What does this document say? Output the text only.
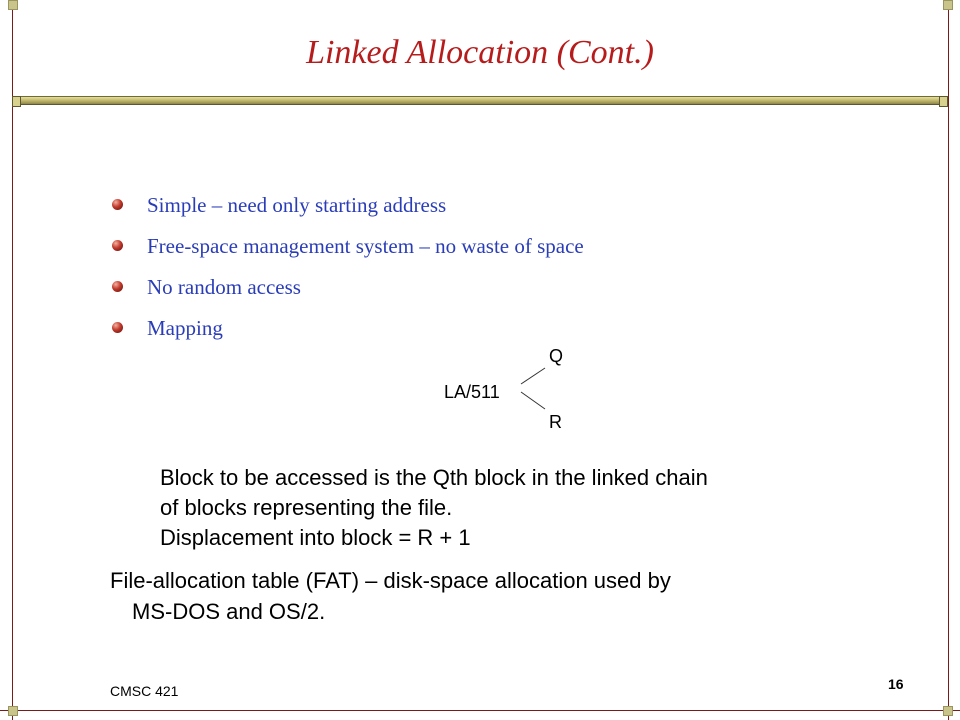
Linked Allocation (Cont.)
Simple – need only starting address
Free-space management system – no waste of space
No random access
Mapping
Q
LA/511
R
Block to be accessed is the Qth block in the linked chain
of blocks representing the file.
Displacement into block = R + 1
File-allocation table (FAT) – disk-space allocation used by
MS-DOS and OS/2.
CMSC 421	16
